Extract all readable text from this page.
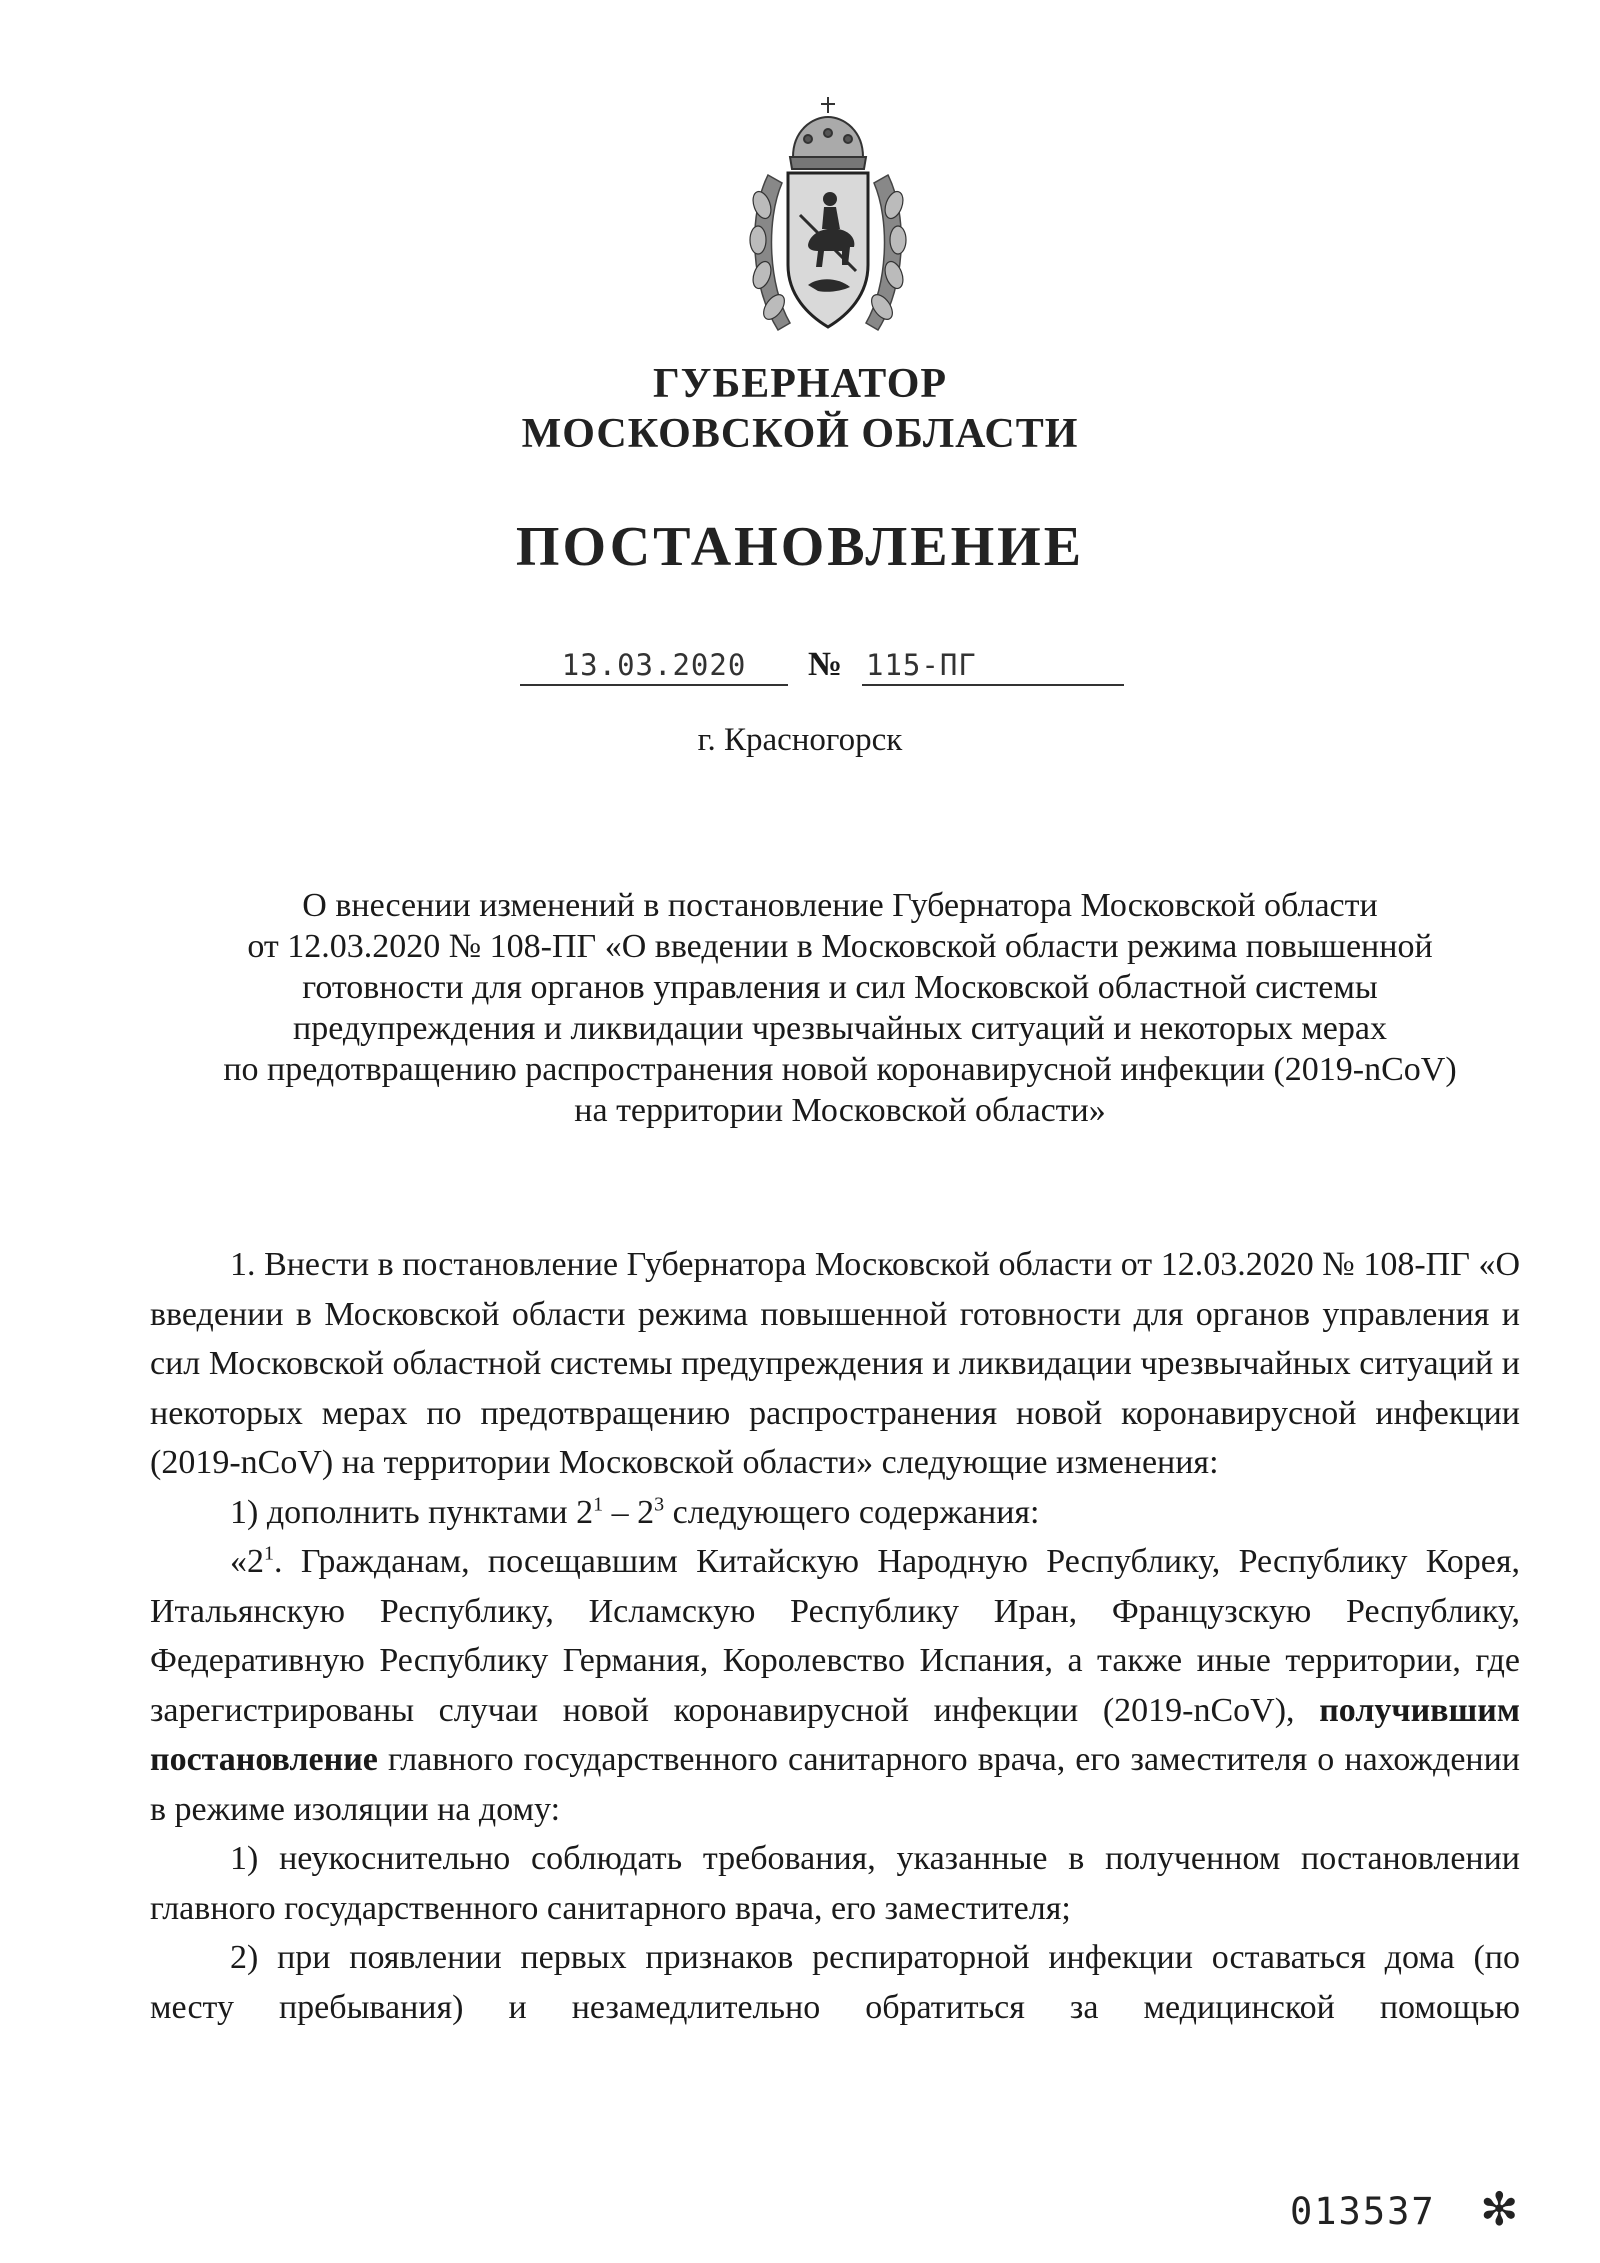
ГУБЕРНАТОР
МОСКОВСКОЙ ОБЛАСТИ
ПОСТАНОВЛЕНИЕ
13.03.2020	№ 115-ПГ
г. Красногорск
О внесении изменений в постановление Губернатора Московской области
от 12.03.2020 № 108-ПГ «О введении в Московской области режима повышенной
готовности для органов управления и сил Московской областной системы
предупреждения и ликвидации чрезвычайных ситуаций и некоторых мерах
по предотвращению распространения новой коронавирусной инфекции (2019-nCoV)
на территории Московской области»
1. Внести в постановление Губернатора Московской области от 12.03.2020 № 108-ПГ «О введении в Московской области режима повышенной готовности для органов управления и сил Московской областной системы предупреждения и ликвидации чрезвычайных ситуаций и некоторых мерах по предотвращению распространения новой коронавирусной инфекции (2019-nCoV) на территории Московской области» следующие изменения:
1) дополнить пунктами $2^1 - 2^3$ следующего содержания:
«$2^1$. Гражданам, посещавшим Китайскую Народную Республику, Республику Корея, Итальянскую Республику, Исламскую Республику Иран, Французскую Республику, Федеративную Республику Германия, Королевство Испания, а также иные территории, где зарегистрированы случаи новой коронавирусной инфекции (2019-nCoV), получившим постановление главного государственного санитарного врача, его заместителя о нахождении в режиме изоляции на дому:
1) неукоснительно соблюдать требования, указанные в полученном постановлении главного государственного санитарного врача, его заместителя;
2) при появлении первых признаков респираторной инфекции оставаться дома (по месту пребывания) и незамедлительно обратиться за медицинской помощью
013537 ✻
